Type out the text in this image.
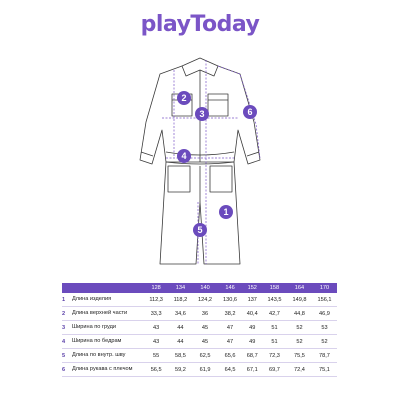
playToday
1
2
3
4
5
6
		128	134	140	146	152	158	164	170
1	Длина изделия	112,3	118,2	124,2	130,6	137	143,5	149,8	156,1
2	Длина верхней части	33,3	34,6	36	38,2	40,4	42,7	44,8	46,9
3	Ширина по груди	43	44	45	47	49	51	52	53
4	Ширина по бедрам	43	44	45	47	49	51	52	52
5	Длина по внутр. шву	55	58,5	62,5	65,6	68,7	72,3	75,5	78,7
6	Длина рукава с плечом	56,5	59,2	61,9	64,5	67,1	69,7	72,4	75,1
